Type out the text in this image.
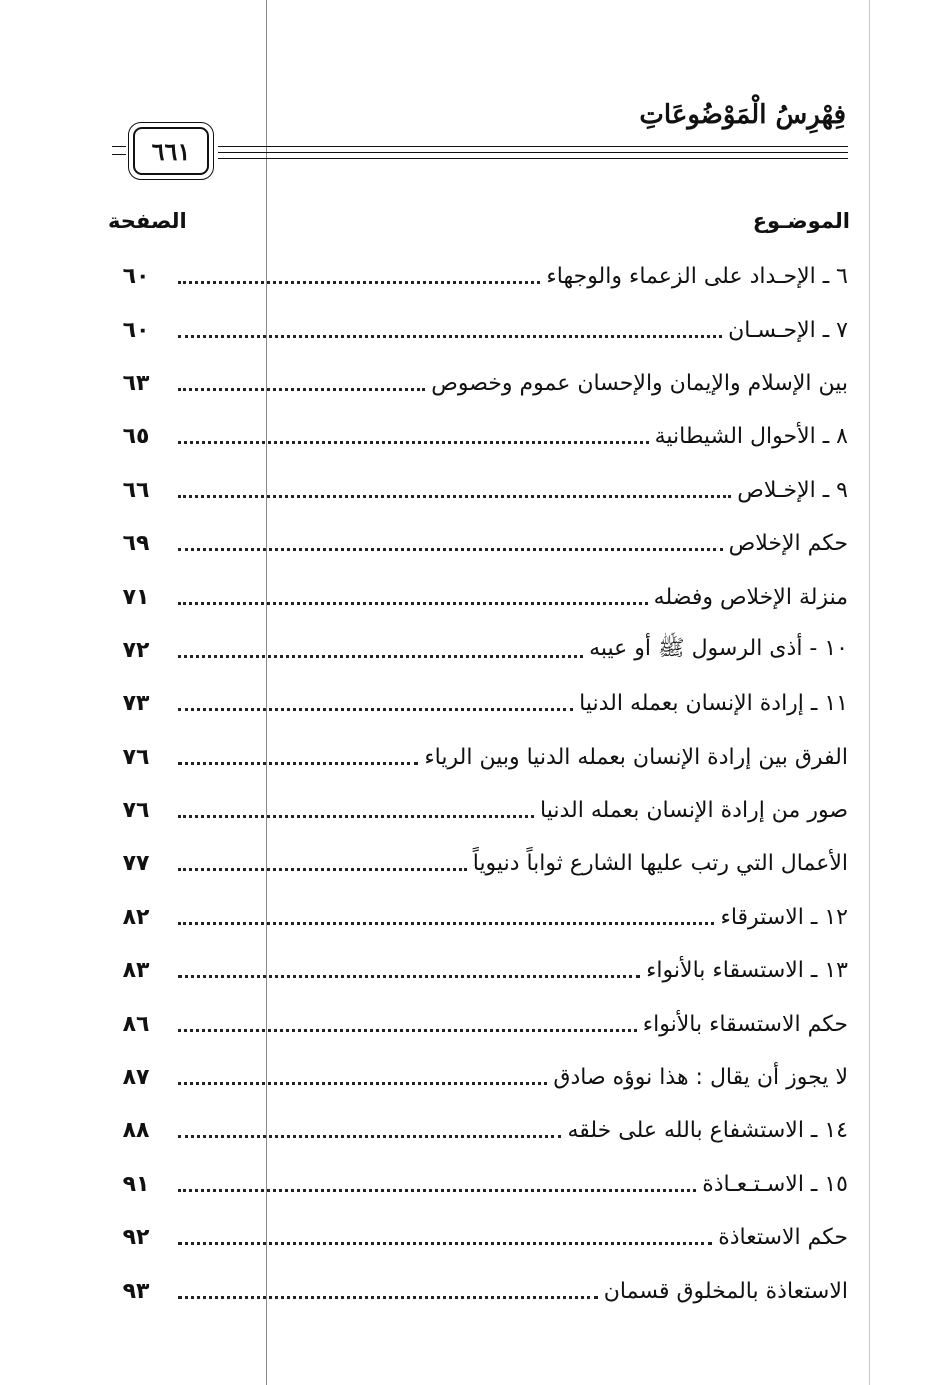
فِهْرِسُ الْمَوْضُوعَاتِ
٦٦١
الموضـوع
الصفحة
٦ ـ الإحـداد على الزعماء والوجهاء
٦٠
٧ ـ الإحـسـان
٦٠
بين الإسلام والإيمان والإحسان عموم وخصوص
٦٣
٨ ـ الأحوال الشيطانية
٦٥
٩ ـ الإخـلاص
٦٦
حكم الإخلاص
٦٩
منزلة الإخلاص وفضله
٧١
١٠ - أذى الرسول ﷺ أو عيبه
٧٢
١١ ـ إرادة الإنسان بعمله الدنيا
٧٣
الفرق بين إرادة الإنسان بعمله الدنيا وبين الرياء
٧٦
صور من إرادة الإنسان بعمله الدنيا
٧٦
الأعمال التي رتب عليها الشارع ثواباً دنيوياً
٧٧
١٢ ـ الاسترقاء
٨٢
١٣ ـ الاستسقاء بالأنواء
٨٣
حكم الاستسقاء بالأنواء
٨٦
لا يجوز أن يقال : هذا نوؤه صادق
٨٧
١٤ ـ الاستشفاع بالله على خلقه
٨٨
١٥ ـ الاسـتـعـاذة
٩١
حكم الاستعاذة
٩٢
الاستعاذة بالمخلوق قسمان
٩٣
